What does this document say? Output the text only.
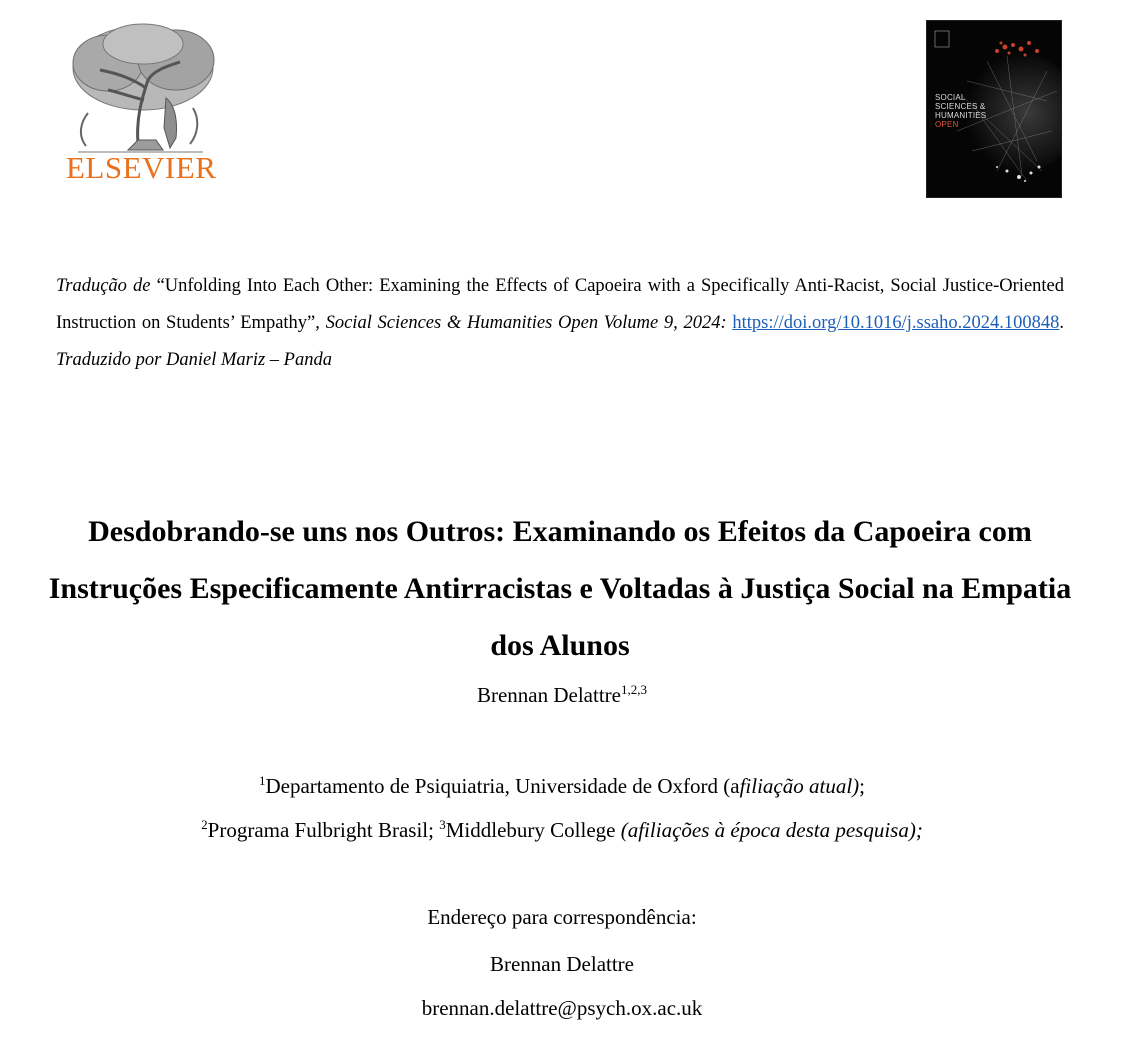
ELSEVIER
SOCIAL
SCIENCES &
HUMANITIES
OPEN
Tradução de “Unfolding Into Each Other: Examining the Effects of Capoeira with a Specifically Anti-Racist, Social Justice-Oriented Instruction on Students’ Empathy”, Social Sciences & Humanities Open Volume 9, 2024: https://doi.org/10.1016/j.ssaho.2024.100848. Traduzido por Daniel Mariz – Panda
Desdobrando-se uns nos Outros: Examinando os Efeitos da Capoeira com Instruções Especificamente Antirracistas e Voltadas à Justiça Social na Empatia dos Alunos
Brennan Delattre$^{1,2,3}$
$^1$Departamento de Psiquiatria, Universidade de Oxford (afiliação atual);
$^2$Programa Fulbright Brasil; $^3$Middlebury College (afiliações à época desta pesquisa);
Endereço para correspondência:
Brennan Delattre
brennan.delattre@psych.ox.ac.uk
